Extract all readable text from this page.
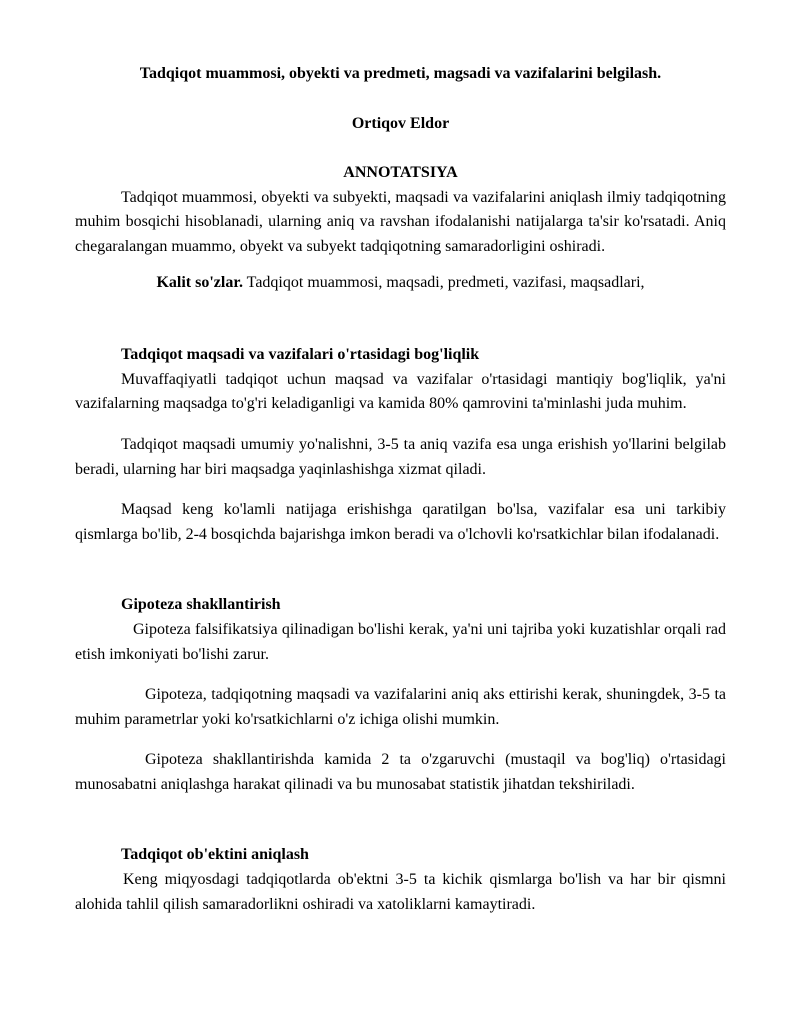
Tadqiqot muammosi, obyekti va predmeti, magsadi va vazifalarini belgilash.
Ortiqov Eldor
ANNOTATSIYA

Tadqiqot muammosi, obyekti va subyekti, maqsadi va vazifalarini aniqlash ilmiy tadqiqotning muhim bosqichi hisoblanadi, ularning aniq va ravshan ifodalanishi natijalarga ta'sir ko'rsatadi. Aniq chegaralangan muammo, obyekt va subyekt tadqiqotning samaradorligini oshiradi.

Kalit so'zlar. Tadqiqot muammosi, maqsadi, predmeti, vazifasi, maqsadlari,

Tadqiqot maqsadi va vazifalari o'rtasidagi bog'liqlik

Muvaffaqiyatli tadqiqot uchun maqsad va vazifalar o'rtasidagi mantiqiy bog'liqlik, ya'ni vazifalarning maqsadga to'g'ri keladiganligi va kamida 80% qamrovini ta'minlashi juda muhim.

Tadqiqot maqsadi umumiy yo'nalishni, 3-5 ta aniq vazifa esa unga erishish yo'llarini belgilab beradi, ularning har biri maqsadga yaqinlashishga xizmat qiladi.

Maqsad keng ko'lamli natijaga erishishga qaratilgan bo'lsa, vazifalar esa uni tarkibiy qismlarga bo'lib, 2-4 bosqichda bajarishga imkon beradi va o'lchovli ko'rsatkichlar bilan ifodalanadi.

Gipoteza shakllantirish

Gipoteza falsifikatsiya qilinadigan bo'lishi kerak, ya'ni uni tajriba yoki kuzatishlar orqali rad etish imkoniyati bo'lishi zarur.

Gipoteza, tadqiqotning maqsadi va vazifalarini aniq aks ettirishi kerak, shuningdek, 3-5 ta muhim parametrlar yoki ko'rsatkichlarni o'z ichiga olishi mumkin.

Gipoteza shakllantirishda kamida 2 ta o'zgaruvchi (mustaqil va bog'liq) o'rtasidagi munosabatni aniqlashga harakat qilinadi va bu munosabat statistik jihatdan tekshiriladi.

Tadqiqot ob'ektini aniqlash

Keng miqyosdagi tadqiqotlarda ob'ektni 3-5 ta kichik qismlarga bo'lish va har bir qismni alohida tahlil qilish samaradorlikni oshiradi va xatoliklarni kamaytiradi.
